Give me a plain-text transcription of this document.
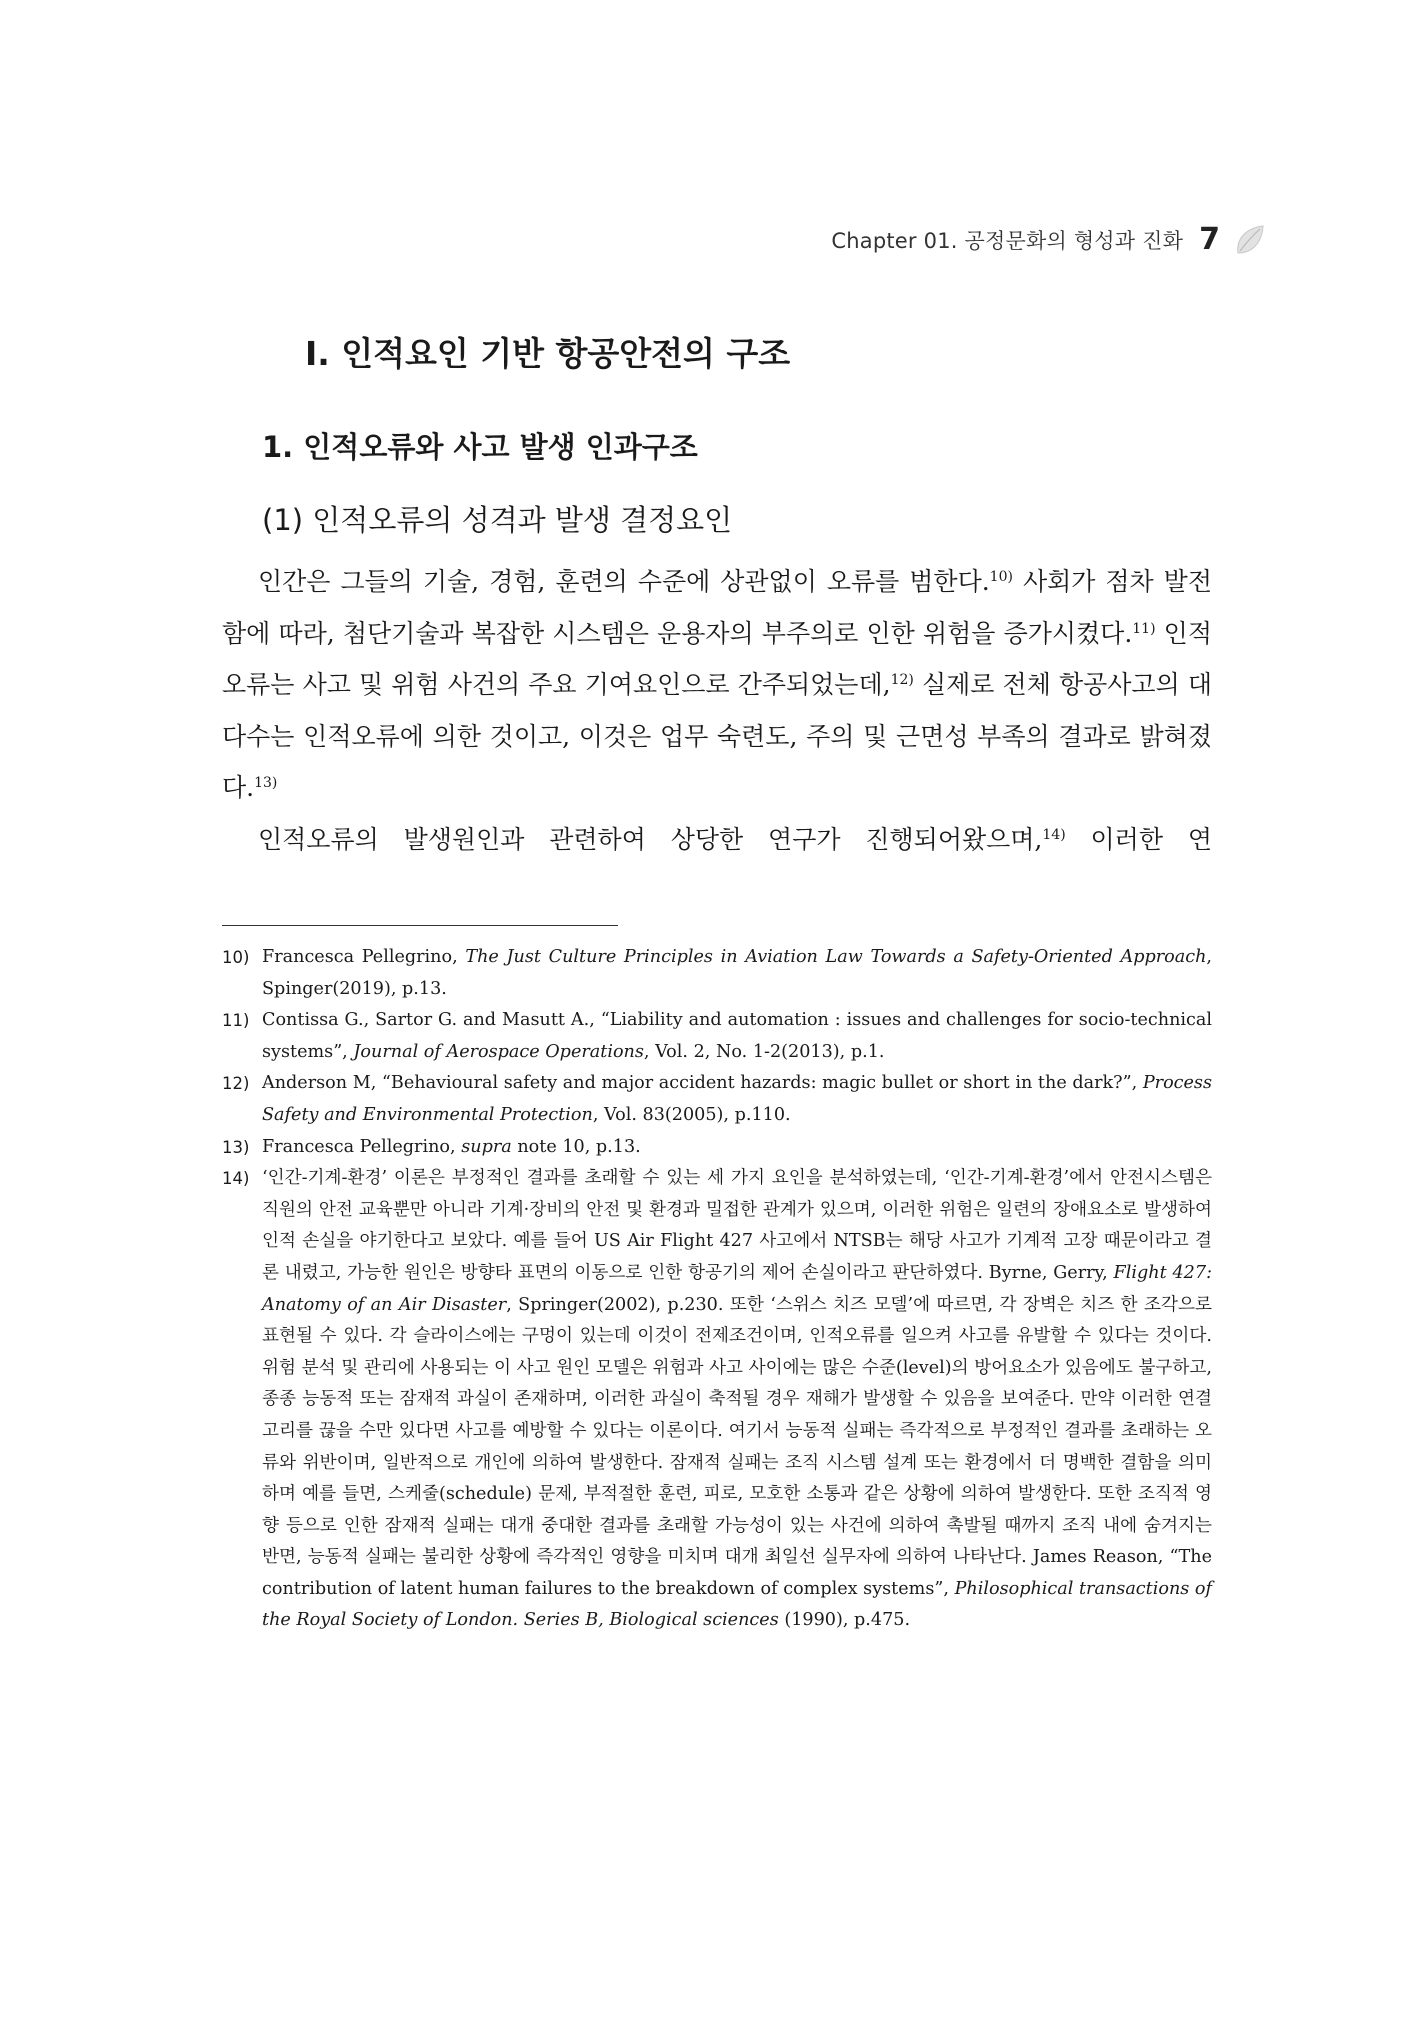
Chapter 01. 공정문화의 형성과 진화 7
Ⅰ. 인적요인 기반 항공안전의 구조
1. 인적오류와 사고 발생 인과구조
(1) 인적오류의 성격과 발생 결정요인

인간은 그들의 기술, 경험, 훈련의 수준에 상관없이 오류를 범한다.$^{10)}$ 사회가 점차 발전함에 따라, 첨단기술과 복잡한 시스템은 운용자의 부주의로 인한 위험을 증가시켰다.$^{11)}$ 인적오류는 사고 및 위험 사건의 주요 기여요인으로 간주되었는데,$^{12)}$ 실제로 전체 항공사고의 대다수는 인적오류에 의한 것이고, 이것은 업무 숙련도, 주의 및 근면성 부족의 결과로 밝혀졌다.$^{13)}$

인적오류의 발생원인과 관련하여 상당한 연구가 진행되어왔으며,$^{14)}$ 이러한 연

10) Francesca Pellegrino, The Just Culture Principles in Aviation Law Towards a Safety-Oriented Approach, Spinger(2019), p.13.
11) Contissa G., Sartor G. and Masutt A., “Liability and automation : issues and challenges for socio-technical systems”, Journal of Aerospace Operations, Vol. 2, No. 1-2(2013), p.1.
12) Anderson M, “Behavioural safety and major accident hazards: magic bullet or short in the dark?”, Process Safety and Environmental Protection, Vol. 83(2005), p.110.
13) Francesca Pellegrino, supra note 10, p.13.
14) ‘인간-기계-환경’ 이론은 부정적인 결과를 초래할 수 있는 세 가지 요인을 분석하였는데, ‘인간-기계-환경’에서 안전시스템은 직원의 안전 교육뿐만 아니라 기계·장비의 안전 및 환경과 밀접한 관계가 있으며, 이러한 위험은 일련의 장애요소로 발생하여 인적 손실을 야기한다고 보았다. 예를 들어 US Air Flight 427 사고에서 NTSB는 해당 사고가 기계적 고장 때문이라고 결론 내렸고, 가능한 원인은 방향타 표면의 이동으로 인한 항공기의 제어 손실이라고 판단하였다. Byrne, Gerry, Flight 427: Anatomy of an Air Disaster, Springer(2002), p.230. 또한 ‘스위스 치즈 모델’에 따르면, 각 장벽은 치즈 한 조각으로 표현될 수 있다. 각 슬라이스에는 구멍이 있는데 이것이 전제조건이며, 인적오류를 일으켜 사고를 유발할 수 있다는 것이다. 위험 분석 및 관리에 사용되는 이 사고 원인 모델은 위험과 사고 사이에는 많은 수준(level)의 방어요소가 있음에도 불구하고, 종종 능동적 또는 잠재적 과실이 존재하며, 이러한 과실이 축적될 경우 재해가 발생할 수 있음을 보여준다. 만약 이러한 연결고리를 끊을 수만 있다면 사고를 예방할 수 있다는 이론이다. 여기서 능동적 실패는 즉각적으로 부정적인 결과를 초래하는 오류와 위반이며, 일반적으로 개인에 의하여 발생한다. 잠재적 실패는 조직 시스템 설계 또는 환경에서 더 명백한 결함을 의미하며 예를 들면, 스케줄(schedule) 문제, 부적절한 훈련, 피로, 모호한 소통과 같은 상황에 의하여 발생한다. 또한 조직적 영향 등으로 인한 잠재적 실패는 대개 중대한 결과를 초래할 가능성이 있는 사건에 의하여 촉발될 때까지 조직 내에 숨겨지는 반면, 능동적 실패는 불리한 상황에 즉각적인 영향을 미치며 대개 최일선 실무자에 의하여 나타난다. James Reason, “The contribution of latent human failures to the breakdown of complex systems”, Philosophical transactions of the Royal Society of London. Series B, Biological sciences (1990), p.475.
